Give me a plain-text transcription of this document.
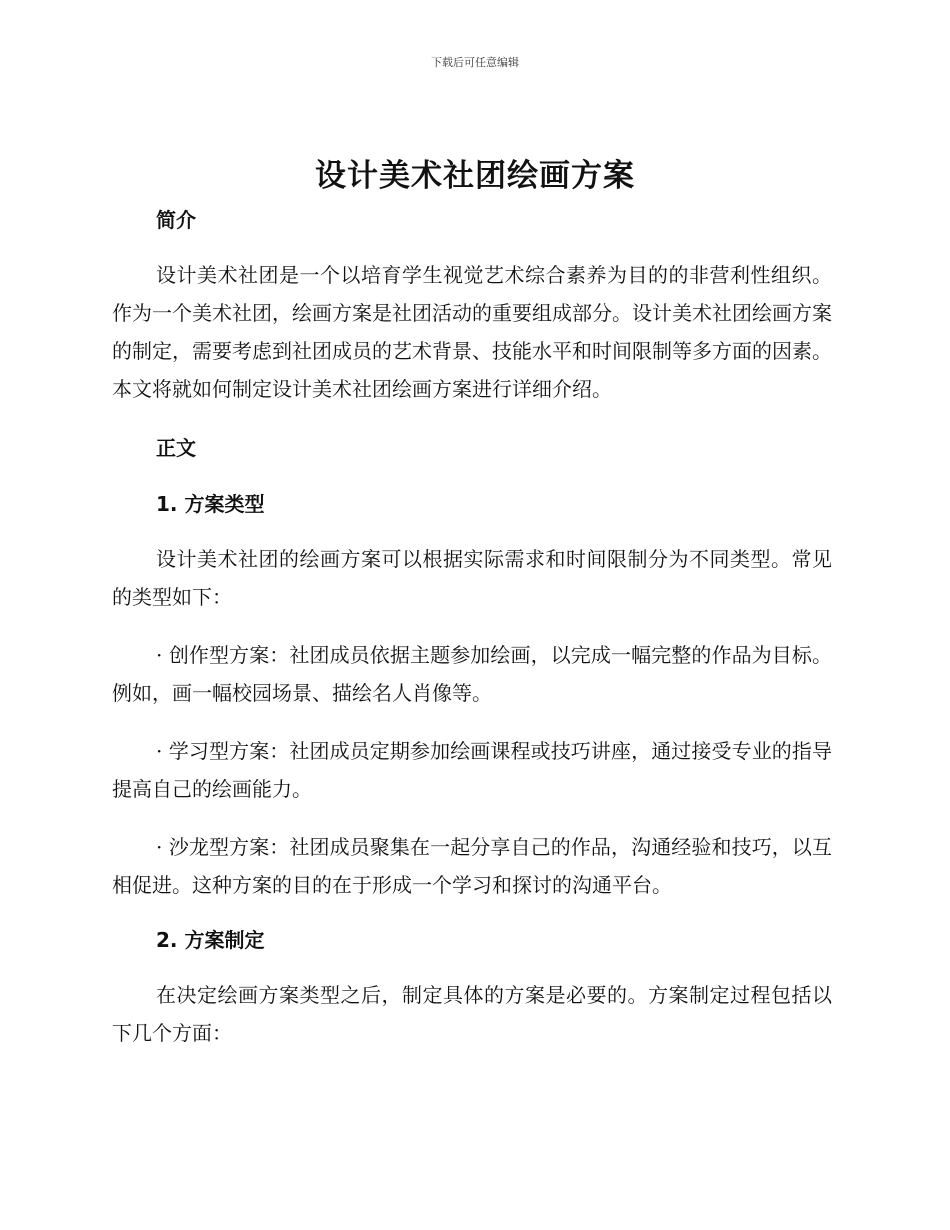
下载后可任意编辑
设计美术社团绘画方案
简介

设计美术社团是一个以培育学生视觉艺术综合素养为目的的非营利性组织。作为一个美术社团，绘画方案是社团活动的重要组成部分。设计美术社团绘画方案的制定，需要考虑到社团成员的艺术背景、技能水平和时间限制等多方面的因素。本文将就如何制定设计美术社团绘画方案进行详细介绍。

正文
1. 方案类型

设计美术社团的绘画方案可以根据实际需求和时间限制分为不同类型。常见的类型如下：

· 创作型方案：社团成员依据主题参加绘画，以完成一幅完整的作品为目标。例如，画一幅校园场景、描绘名人肖像等。

· 学习型方案：社团成员定期参加绘画课程或技巧讲座，通过接受专业的指导提高自己的绘画能力。

· 沙龙型方案：社团成员聚集在一起分享自己的作品，沟通经验和技巧，以互相促进。这种方案的目的在于形成一个学习和探讨的沟通平台。

2. 方案制定

在决定绘画方案类型之后，制定具体的方案是必要的。方案制定过程包括以下几个方面：
